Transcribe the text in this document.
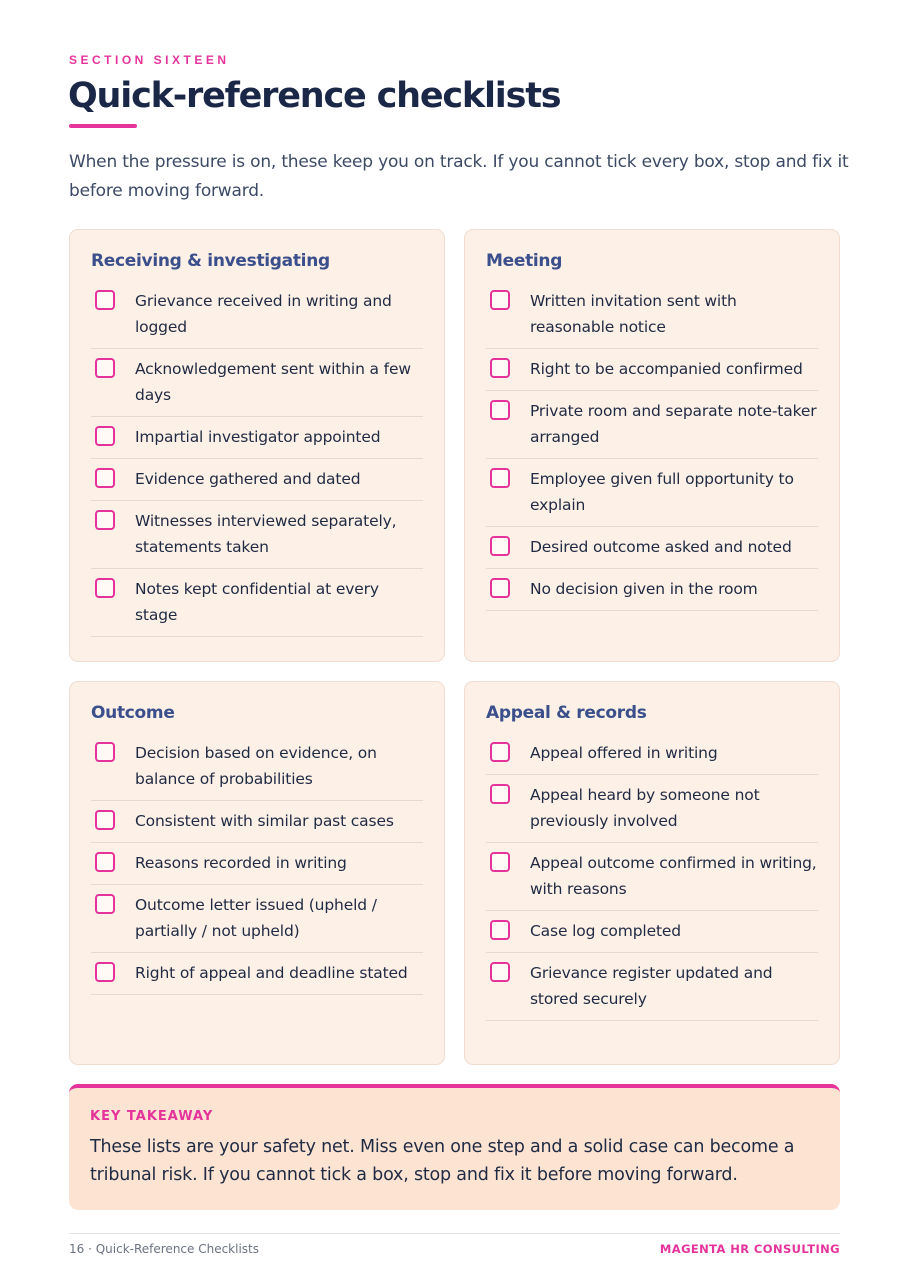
SECTION SIXTEEN
Quick-reference checklists

When the pressure is on, these keep you on track. If you cannot tick every box, stop and fix it before moving forward.

Receiving & investigating
Grievance received in writing and logged
Acknowledgement sent within a few days
Impartial investigator appointed
Evidence gathered and dated
Witnesses interviewed separately, statements taken
Notes kept confidential at every stage
Meeting
Written invitation sent with reasonable notice
Right to be accompanied confirmed
Private room and separate note-taker arranged
Employee given full opportunity to explain
Desired outcome asked and noted
No decision given in the room
Outcome
Decision based on evidence, on balance of probabilities
Consistent with similar past cases
Reasons recorded in writing
Outcome letter issued (upheld / partially / not upheld)
Right of appeal and deadline stated
Appeal & records
Appeal offered in writing
Appeal heard by someone not previously involved
Appeal outcome confirmed in writing, with reasons
Case log completed
Grievance register updated and stored securely
KEY TAKEAWAY

These lists are your safety net. Miss even one step and a solid case can become a tribunal risk. If you cannot tick a box, stop and fix it before moving forward.

16 · Quick-Reference Checklists	MAGENTA HR CONSULTING
